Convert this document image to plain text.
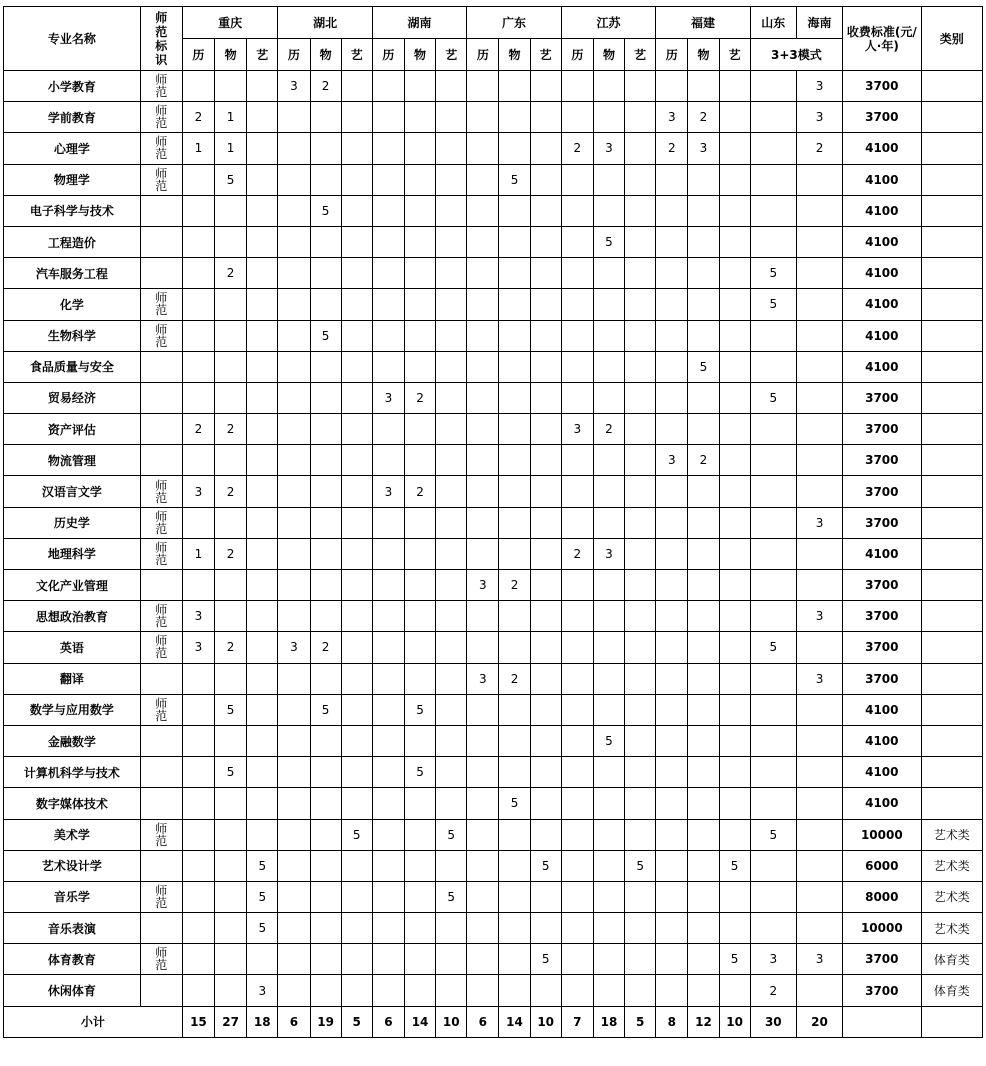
专业名称	师范标识	重庆			湖北			湖南			广东			江苏			福建			山东	海南	收费标准(元/人·年)	类别
		历	物	艺	历	物	艺	历	物	艺	历	物	艺	历	物	艺	历	物	艺	3+3模式			
小学教育	师范				3	2															3	3700	
学前教育	师范	2	1														3	2			3	3700	
心理学	师范	1	1											2	3		2	3			2	4100	
物理学	师范		5									5										4100	
电子科学与技术						5																4100	
工程造价															5							4100	
汽车服务工程			2																	5		4100	
化学	师范																			5		4100	
生物科学	师范					5																4100	
食品质量与安全																		5				4100	
贸易经济								3	2											5		3700	
资产评估		2	2											3	2							3700	
物流管理																	3	2				3700	
汉语言文学	师范	3	2					3	2													3700	
历史学	师范																				3	3700	
地理科学	师范	1	2											2	3							4100	
文化产业管理											3	2										3700	
思想政治教育	师范	3																			3	3700	
英语	师范	3	2		3	2														5		3700	
翻译											3	2									3	3700	
数学与应用数学	师范		5			5			5													4100	
金融数学															5							4100	
计算机科学与技术			5						5													4100	
数字媒体技术												5										4100	
美术学	师范						5			5										5		10000	艺术类
艺术设计学				5									5			5			5			6000	艺术类
音乐学	师范			5						5												8000	艺术类
音乐表演				5																		10000	艺术类
体育教育	师范												5						5	3	3	3700	体育类
休闲体育				3																2		3700	体育类
小计		15	27	18	6	19	5	6	14	10	6	14	10	7	18	5	8	12	10	30	20		
